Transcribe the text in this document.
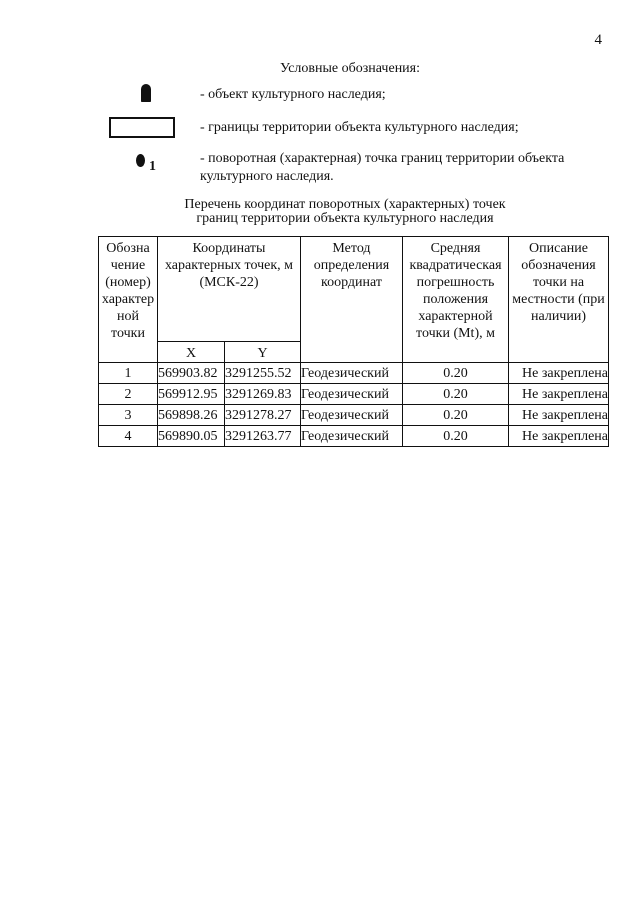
4
Условные обозначения:
- объект культурного наследия;
- границы территории объекта культурного наследия;
1
- поворотная (характерная) точка границ территории объекта культурного наследия.
Перечень координат поворотных (характерных) точек
границ территории объекта культурного наследия
Обозна чение (номер) характер ной точки	Координаты характерных точек, м (МСК-22)		Метод определения координат	Средняя квадратическая погрешность положения характерной точки (Mt), м	Описание обозначения точки на местности (при наличии)
	X	Y			
1	569903.82	3291255.52	Геодезический	0.20	Не закреплена
2	569912.95	3291269.83	Геодезический	0.20	Не закреплена
3	569898.26	3291278.27	Геодезический	0.20	Не закреплена
4	569890.05	3291263.77	Геодезический	0.20	Не закреплена
